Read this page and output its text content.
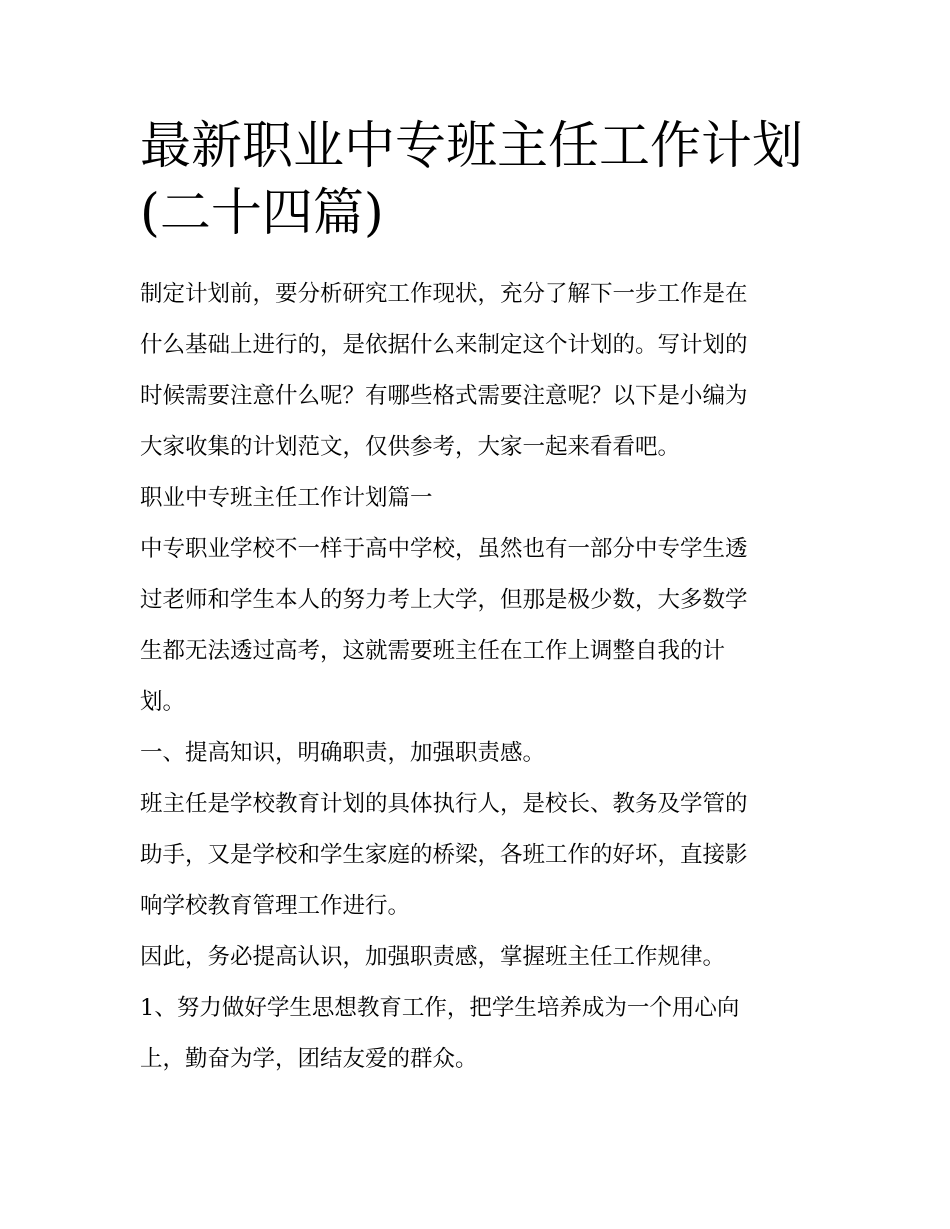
最新职业中专班主任工作计划
(二十四篇)

制定计划前，要分析研究工作现状，充分了解下一步工作是在
什么基础上进行的，是依据什么来制定这个计划的。写计划的
时候需要注意什么呢？有哪些格式需要注意呢？以下是小编为
大家收集的计划范文，仅供参考，大家一起来看看吧。

职业中专班主任工作计划篇一

中专职业学校不一样于高中学校，虽然也有一部分中专学生透
过老师和学生本人的努力考上大学，但那是极少数，大多数学
生都无法透过高考，这就需要班主任在工作上调整自我的计
划。

一、提高知识，明确职责，加强职责感。

班主任是学校教育计划的具体执行人，是校长、教务及学管的
助手，又是学校和学生家庭的桥梁，各班工作的好坏，直接影
响学校教育管理工作进行。

因此，务必提高认识，加强职责感，掌握班主任工作规律。

1、努力做好学生思想教育工作，把学生培养成为一个用心向
上，勤奋为学，团结友爱的群众。
